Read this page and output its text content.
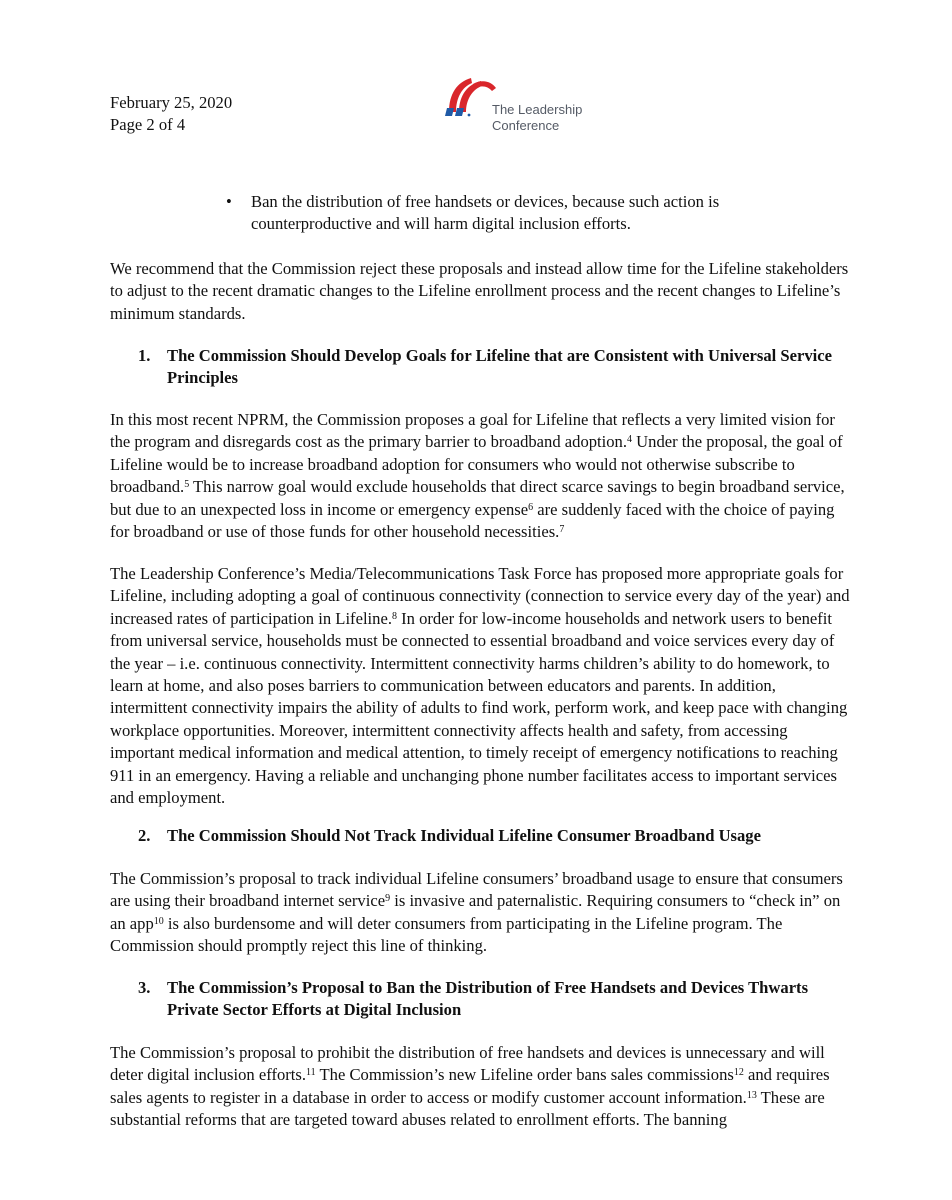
February 25, 2020
Page 2 of 4
The Leadership
Conference
• Ban the distribution of free handsets or devices, because such action is counterproductive and will harm digital inclusion efforts.

We recommend that the Commission reject these proposals and instead allow time for the Lifeline stakeholders to adjust to the recent dramatic changes to the Lifeline enrollment process and the recent changes to Lifeline’s minimum standards.

1. The Commission Should Develop Goals for Lifeline that are Consistent with Universal Service Principles

In this most recent NPRM, the Commission proposes a goal for Lifeline that reflects a very limited vision for the program and disregards cost as the primary barrier to broadband adoption.$^4$ Under the proposal, the goal of Lifeline would be to increase broadband adoption for consumers who would not otherwise subscribe to broadband.$^5$ This narrow goal would exclude households that direct scarce savings to begin broadband service, but due to an unexpected loss in income or emergency expense$^6$ are suddenly faced with the choice of paying for broadband or use of those funds for other household necessities.$^7$

The Leadership Conference’s Media/Telecommunications Task Force has proposed more appropriate goals for Lifeline, including adopting a goal of continuous connectivity (connection to service every day of the year) and increased rates of participation in Lifeline.$^8$ In order for low-income households and network users to benefit from universal service, households must be connected to essential broadband and voice services every day of the year – i.e. continuous connectivity. Intermittent connectivity harms children’s ability to do homework, to learn at home, and also poses barriers to communication between educators and parents. In addition, intermittent connectivity impairs the ability of adults to find work, perform work, and keep pace with changing workplace opportunities. Moreover, intermittent connectivity affects health and safety, from accessing important medical information and medical attention, to timely receipt of emergency notifications to reaching 911 in an emergency. Having a reliable and unchanging phone number facilitates access to important services and employment.

2. The Commission Should Not Track Individual Lifeline Consumer Broadband Usage

The Commission’s proposal to track individual Lifeline consumers’ broadband usage to ensure that consumers are using their broadband internet service$^9$ is invasive and paternalistic. Requiring consumers to “check in” on an app$^{10}$ is also burdensome and will deter consumers from participating in the Lifeline program. The Commission should promptly reject this line of thinking.

3. The Commission’s Proposal to Ban the Distribution of Free Handsets and Devices Thwarts Private Sector Efforts at Digital Inclusion

The Commission’s proposal to prohibit the distribution of free handsets and devices is unnecessary and will deter digital inclusion efforts.$^{11}$ The Commission’s new Lifeline order bans sales commissions$^{12}$ and requires sales agents to register in a database in order to access or modify customer account information.$^{13}$ These are substantial reforms that are targeted toward abuses related to enrollment efforts. The banning
